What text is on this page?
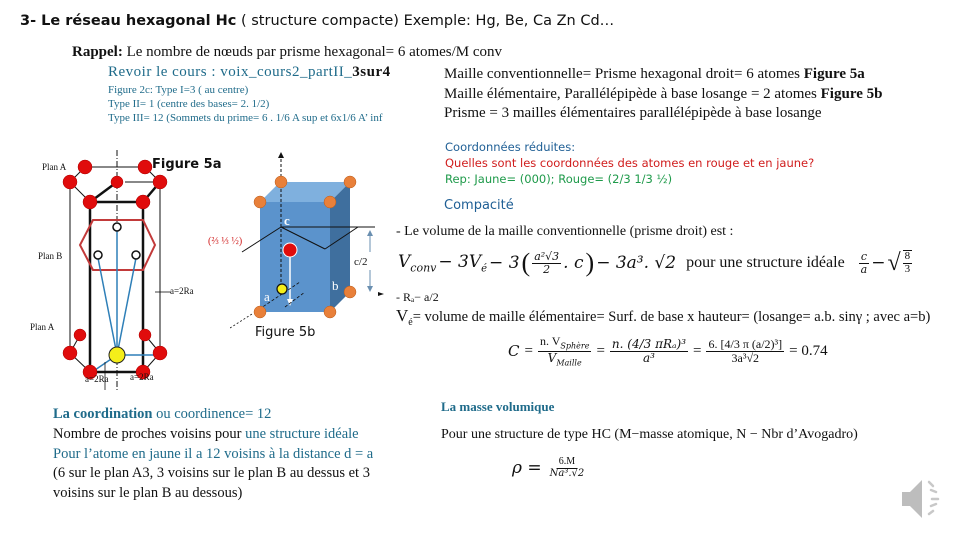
3- Le réseau hexagonal Hc ( structure compacte) Exemple: Hg, Be, Ca Zn Cd…
Rappel: Le nombre de nœuds par prisme hexagonal= 6 atomes/M conv
Revoir le cours : voix_cours2_partII_3sur4
Figure 2c: Type I=3 ( au centre)
Type II= 1 (centre des bases= 2. 1/2)
Type III= 12 (Sommets du prime= 6 . 1/6 A sup et 6x1/6 A’ inf
Maille conventionnelle= Prisme hexagonal droit= 6 atomes Figure 5a
Maille élémentaire, Parallélépipède à base losange = 2 atomes Figure 5b
Prisme = 3 mailles élémentaires parallélépipède à base losange
Plan A
Plan B
Plan A
a=2Ra
a=2Ra a=2Ra
Figure 5a
c
c/2
a
b
(⅔ ⅓ ½)
Figure 5b
Coordonnées réduites:
Quelles sont les coordonnées des atomes en rouge et en jaune?
Rep: Jaune= (000); Rouge= (2/3 1/3 ½)
Compacité
- Le volume de la maille conventionnelle (prisme droit) est :
$V_{conv} - 3V_é - 3$ ( $\frac{\text{a²√3}}{2}$ . c ) − 3a³. √2 pour une structure idéale $\frac{c}{a}$ − √ $\frac{8}{3}$
- Rₐ− a/2
$V_é=$ volume de maille élémentaire= Surf. de base x hauteur= (losange= a.b. sinγ ; avec a=b)
$C = \frac{n. V_{Sphère}}{V_{Maille}} = \frac{\text{n. (4/3 πRₐ)³}}{\text{a³}} = \frac{\text{6. [4/3 π (a/2)³]}}{\text{3a³√2}} = 0.74$
La coordination ou coordinence= 12
Nombre de proches voisins pour une structure idéale
Pour l’atome en jaune il a 12 voisins à la distance d = a
(6 sur le plan A3, 3 voisins sur le plan B au dessus et 3
voisins sur le plan B au dessous)
La masse volumique
Pour une structure de type HC (M−masse atomique, N − Nbr d’Avogadro)
$\rho = \frac{6.M}{\text{Na³.√2}}$
